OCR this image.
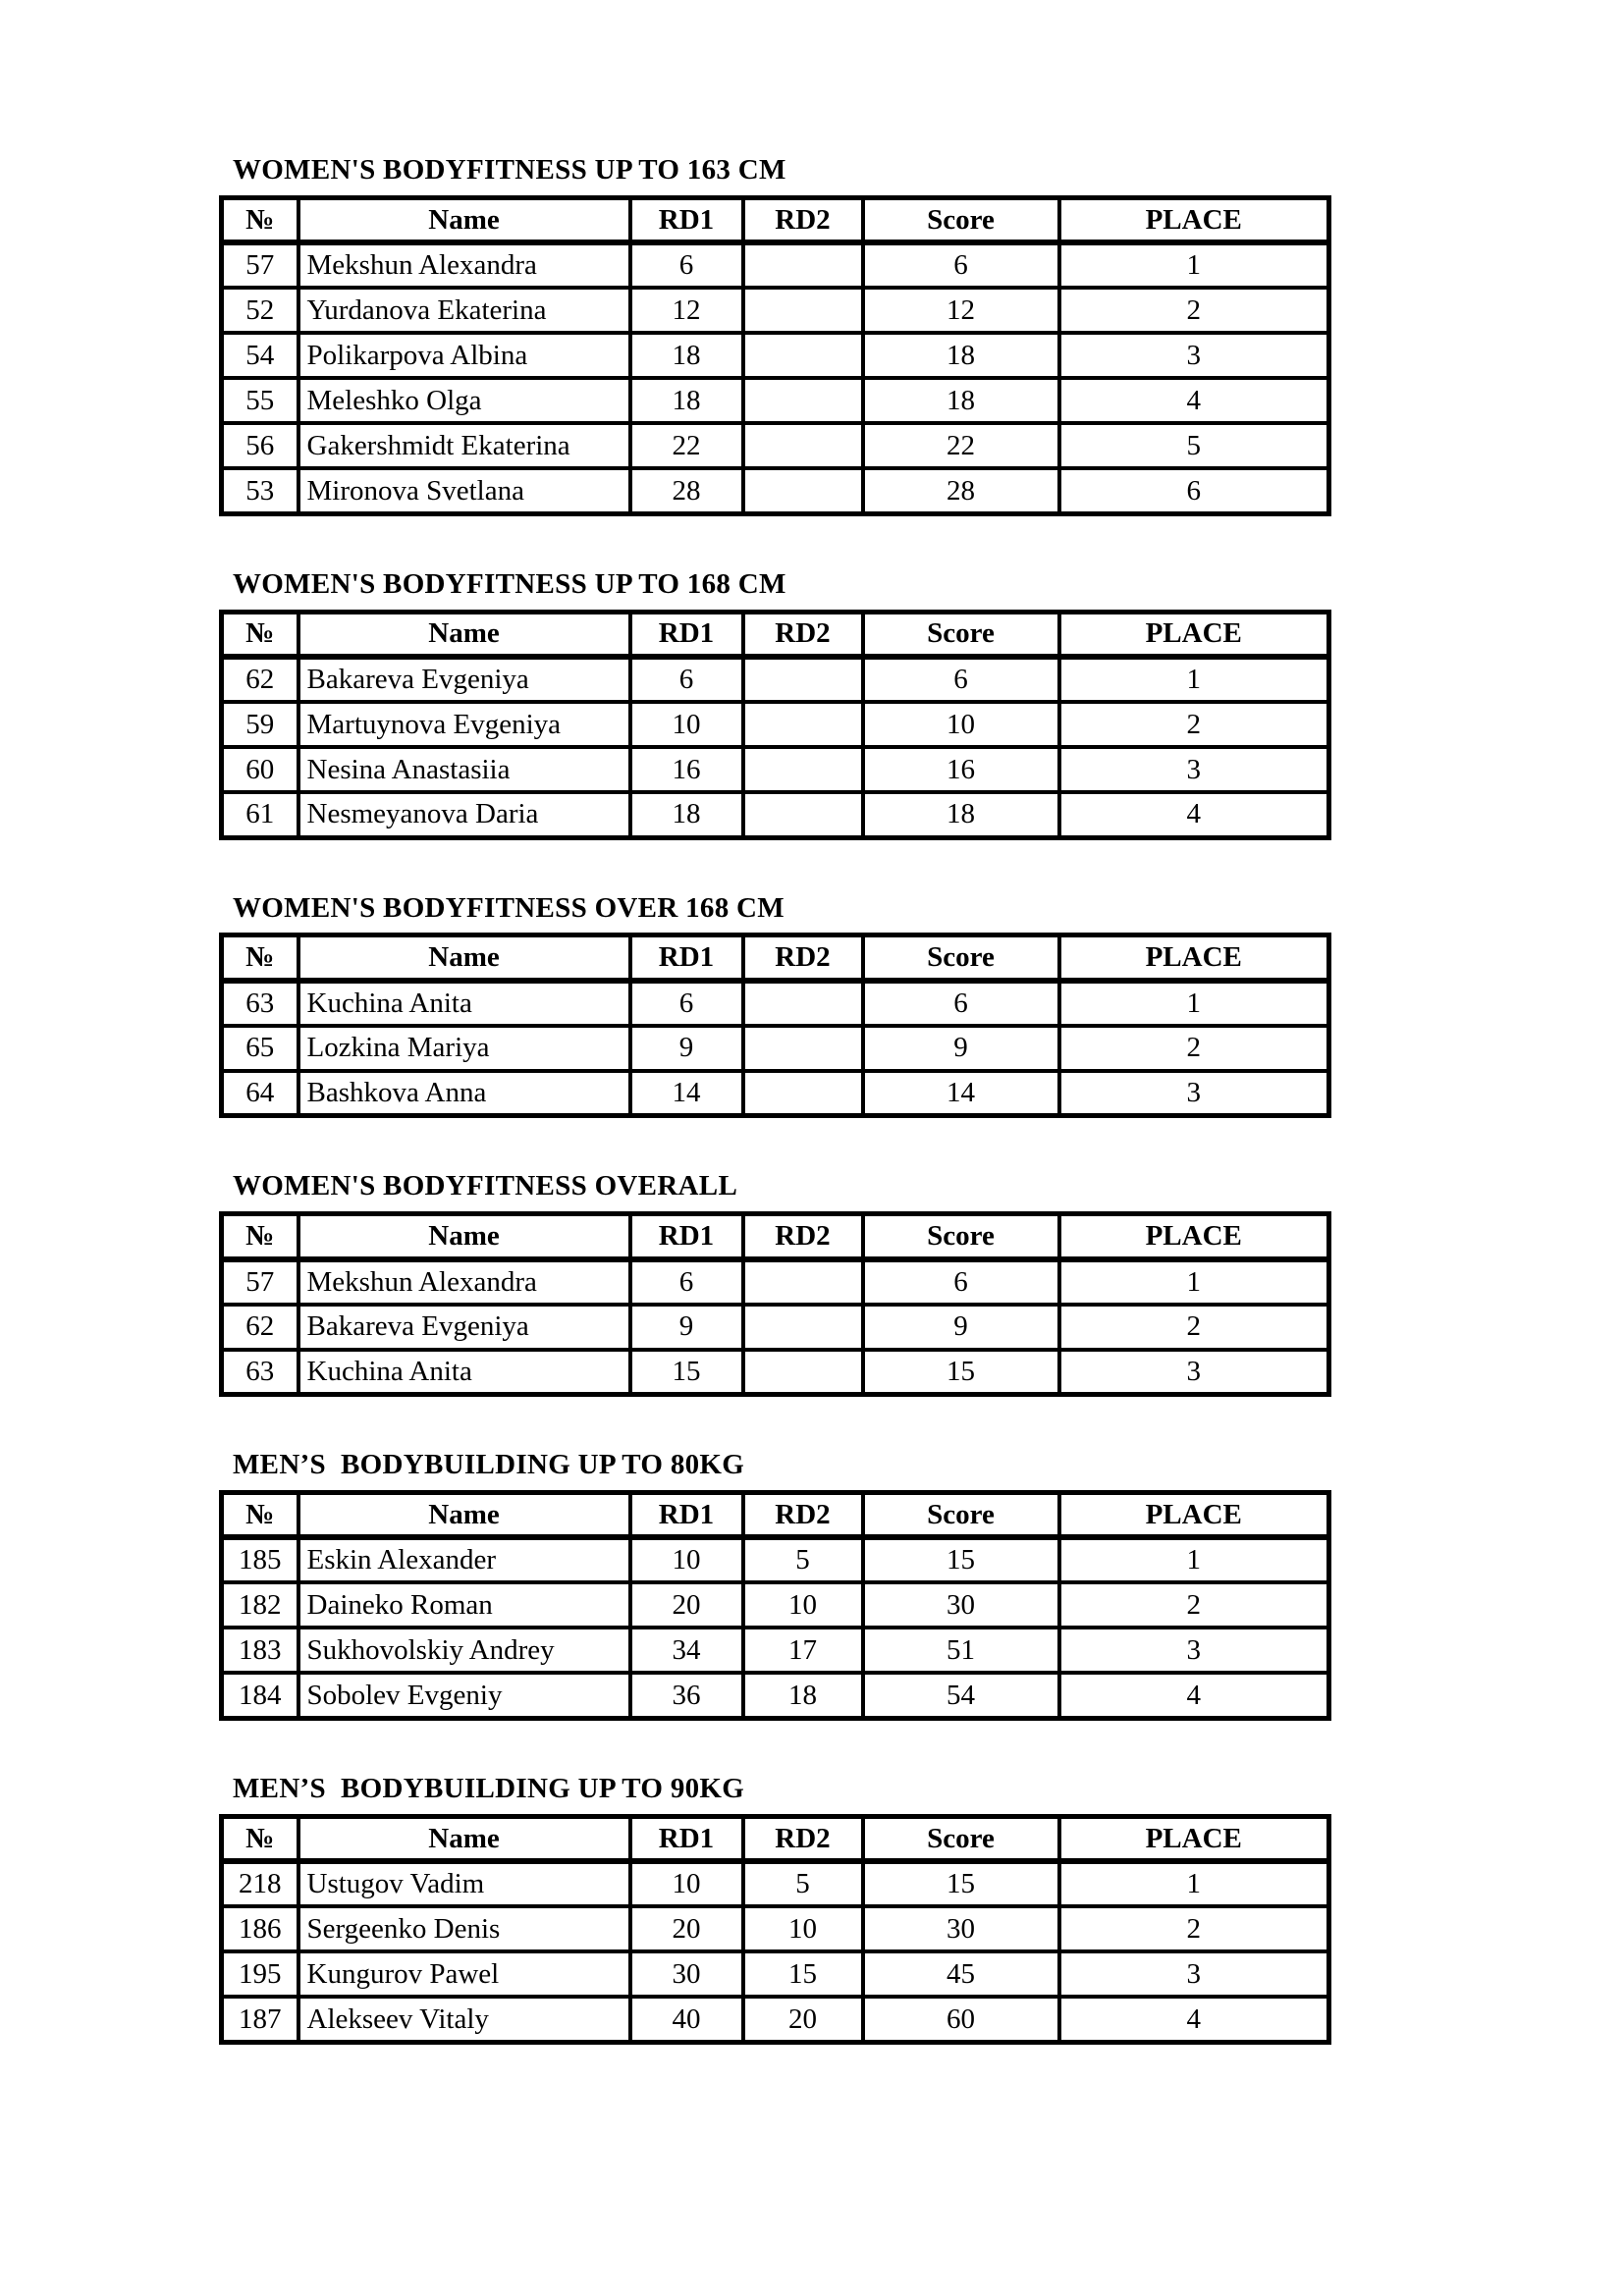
WOMEN'S BODYFITNESS UP TO 163 CM
№	Name	RD1	RD2	Score	PLACE
57	Mekshun Alexandra	6		6	1
52	Yurdanova Ekaterina	12		12	2
54	Polikarpova Albina	18		18	3
55	Meleshko Olga	18		18	4
56	Gakershmidt Ekaterina	22		22	5
53	Mironova Svetlana	28		28	6
WOMEN'S BODYFITNESS UP TO 168 CM
№	Name	RD1	RD2	Score	PLACE
62	Bakareva Evgeniya	6		6	1
59	Martuynova Evgeniya	10		10	2
60	Nesina Anastasiia	16		16	3
61	Nesmeyanova Daria	18		18	4
WOMEN'S BODYFITNESS OVER 168 CM
№	Name	RD1	RD2	Score	PLACE
63	Kuchina Anita	6		6	1
65	Lozkina Mariya	9		9	2
64	Bashkova Anna	14		14	3
WOMEN'S BODYFITNESS OVERALL
№	Name	RD1	RD2	Score	PLACE
57	Mekshun Alexandra	6		6	1
62	Bakareva Evgeniya	9		9	2
63	Kuchina Anita	15		15	3
MEN’S  BODYBUILDING UP TO 80KG
№	Name	RD1	RD2	Score	PLACE
185	Eskin Alexander	10	5	15	1
182	Daineko Roman	20	10	30	2
183	Sukhovolskiy Andrey	34	17	51	3
184	Sobolev Evgeniy	36	18	54	4
MEN’S  BODYBUILDING UP TO 90KG
№	Name	RD1	RD2	Score	PLACE
218	Ustugov Vadim	10	5	15	1
186	Sergeenko Denis	20	10	30	2
195	Kungurov Pawel	30	15	45	3
187	Alekseev Vitaly	40	20	60	4
